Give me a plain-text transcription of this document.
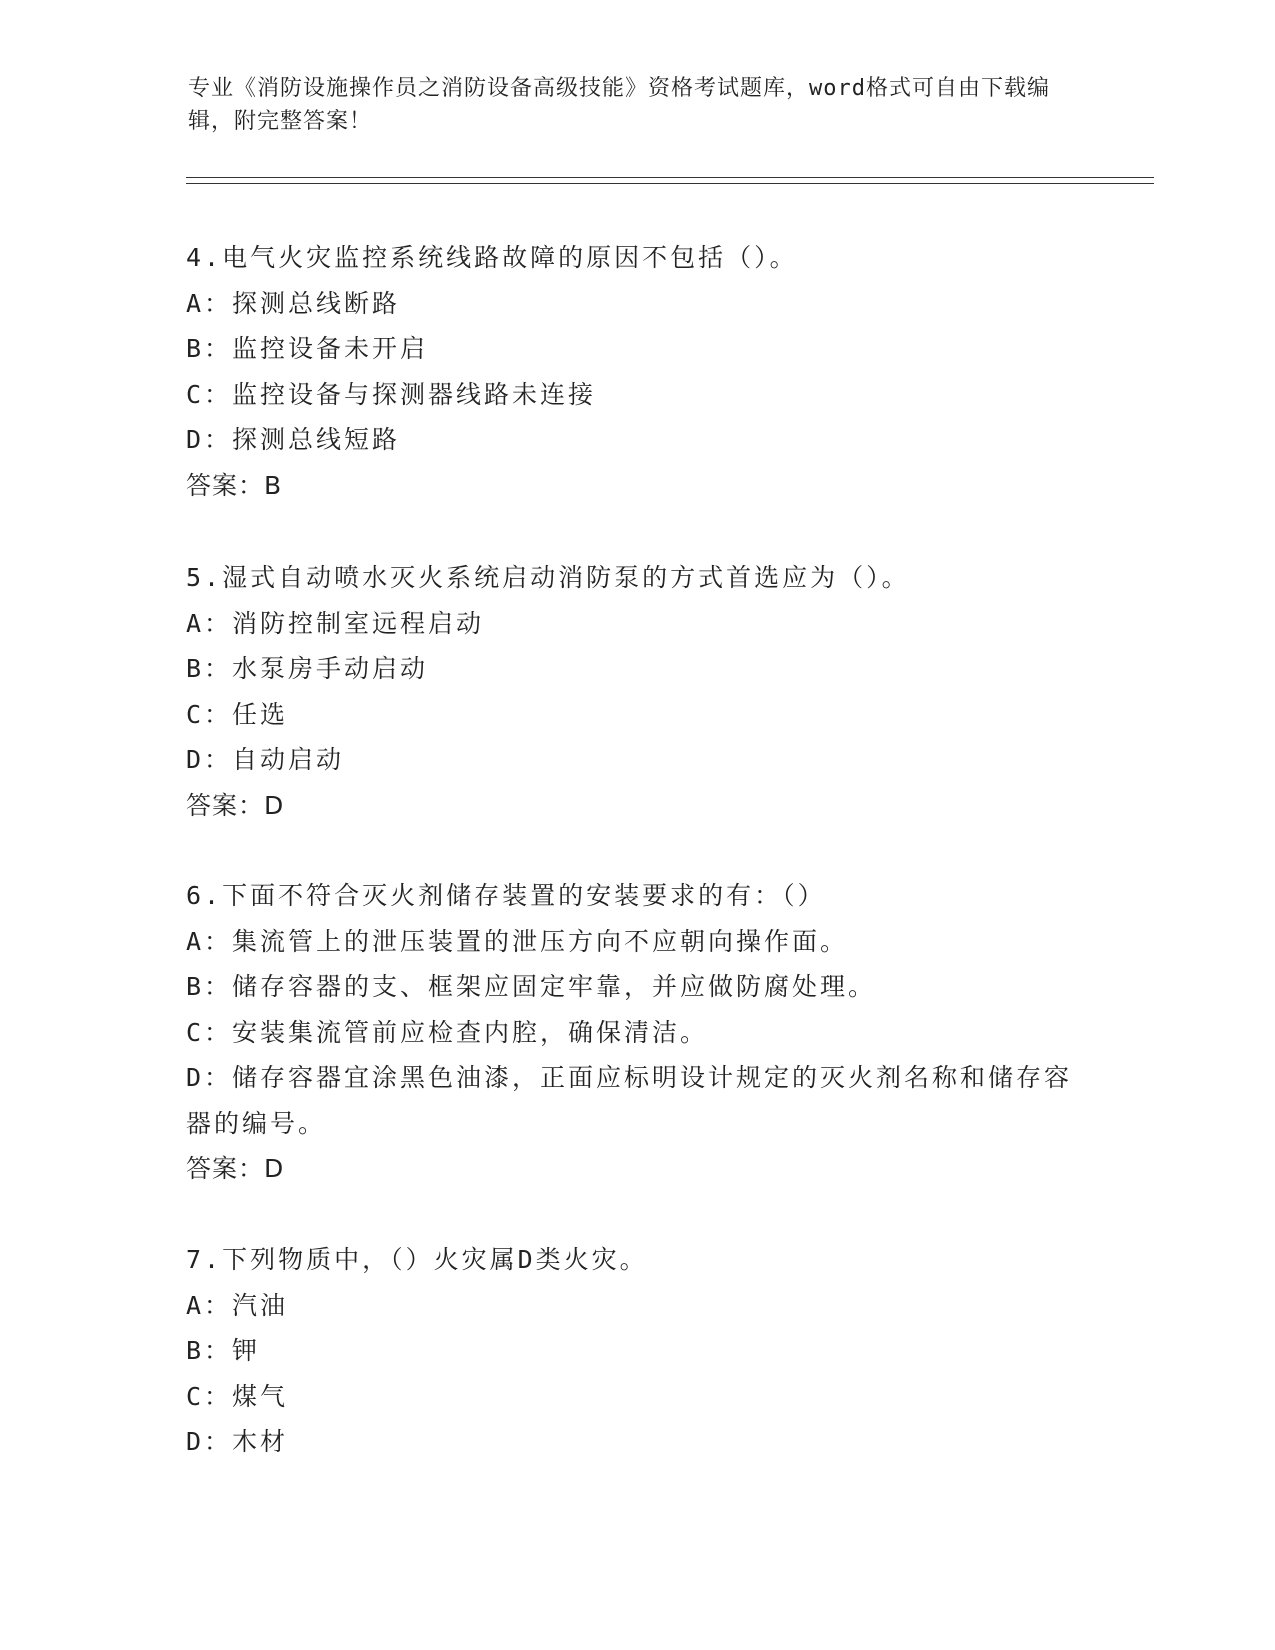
专业《消防设施操作员之消防设备高级技能》资格考试题库，word格式可自由下载编辑，附完整答案！
4.电气火灾监控系统线路故障的原因不包括（）。
A：探测总线断路
B：监控设备未开启
C：监控设备与探测器线路未连接
D：探测总线短路
答案：B
5.湿式自动喷水灭火系统启动消防泵的方式首选应为（）。
A：消防控制室远程启动
B：水泵房手动启动
C：任选
D：自动启动
答案：D
6.下面不符合灭火剂储存装置的安装要求的有：（）
A：集流管上的泄压装置的泄压方向不应朝向操作面。
B：储存容器的支、框架应固定牢靠，并应做防腐处理。
C：安装集流管前应检查内腔，确保清洁。
D：储存容器宜涂黑色油漆，正面应标明设计规定的灭火剂名称和储存容器的编号。
答案：D
7.下列物质中，（）火灾属D类火灾。
A：汽油
B：钾
C：煤气
D：木材
